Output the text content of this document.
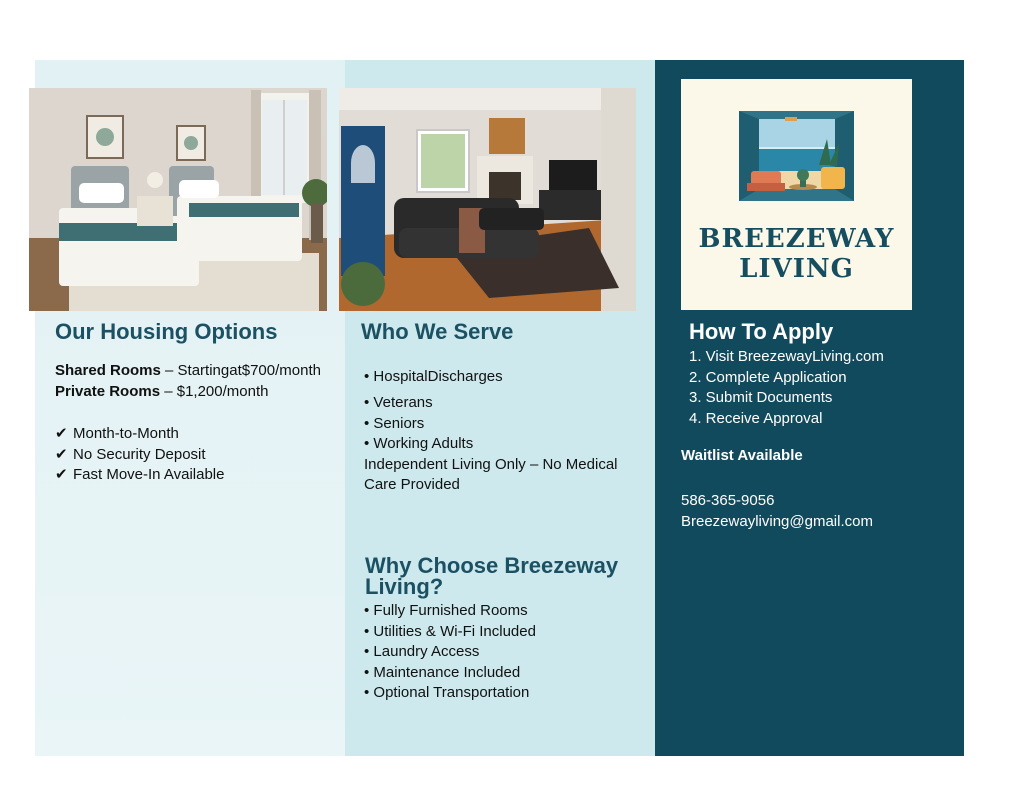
Our Housing Options
Shared Rooms – Startingat$700/month
Private Rooms – $1,200/month
✔ Month-to-Month
✔ No Security Deposit
✔ Fast Move-In Available
Who We Serve
• HospitalDischarges
• Veterans
• Seniors
• Working Adults
Independent Living Only – No Medical
Care Provided
Why Choose Breezeway
Living?
• Fully Furnished Rooms
• Utilities & Wi-Fi Included
• Laundry Access
• Maintenance Included
• Optional Transportation
BREEZEWAY
LIVING
How To Apply
1. Visit BreezewayLiving.com
2. Complete Application
3. Submit Documents
4. Receive Approval
Waitlist Available
586-365-9056
Breezewayliving@gmail.com
